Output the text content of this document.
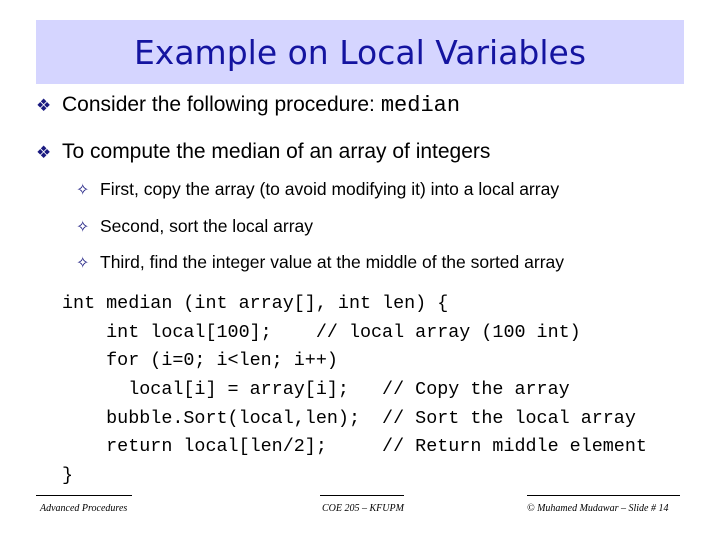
Example on Local Variables
❖ Consider the following procedure: median
❖ To compute the median of an array of integers
✧ First, copy the array (to avoid modifying it) into a local array
✧ Second, sort the local array
✧ Third, find the integer value at the middle of the sorted array
int median (int array[], int len) {
int local[100];    // local array (100 int)
for (i=0; i<len; i++)
local[i] = array[i];   // Copy the array
bubble.Sort(local,len);  // Sort the local array
return local[len/2];     // Return middle element
}
Advanced Procedures	COE 205 – KFUPM	© Muhamed Mudawar – Slide # 14
